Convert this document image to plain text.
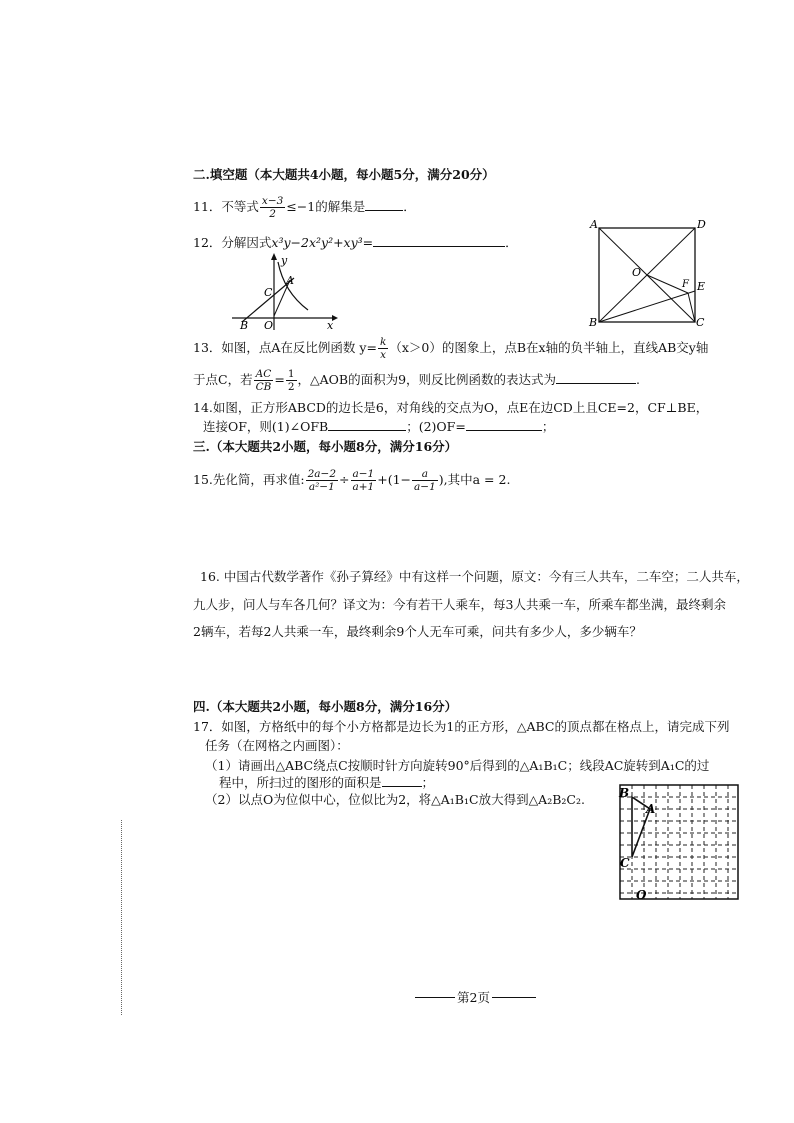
二.填空题（本大题共4小题，每小题5分，满分20分）
11．不等式 $\frac{x-3}{2} \le-1$的解集是	．
12．分解因式x³y−2x²y²+xy³=	．
y
x
A
B
C
O
A	D
B	C
O
F E
13．如图，点A在反比例函数 $y= \frac{k}{x} (x>0)$的图象上，点B在x轴的负半轴上，直线AB交y轴
于点C，若 $\frac{AC}{CB} = \frac{1}{2}$ ，△AOB的面积为9，则反比例函数的表达式为	.
14.如图，正方形ABCD的边长是6，对角线的交点为O，点E在边CD上且CE=2，CF⊥BE，
连接OF，则(1)∠OFB	；(2)OF=	；
三.（本大题共2小题，每小题8分，满分16分）
15.先化简，再求值: $\frac{2a-2}{\text{a²−1}} \div \frac{a-1}{a+1} +(1- \frac{a}{a-1}$ ),其中a = 2.
16. 中国古代数学著作《孙子算经》中有这样一个问题，原文：今有三人共车，二车空；二人共车，
九人步，问人与车各几何？译文为：今有若干人乘车，每3人共乘一车，所乘车都坐满，最终剩余
2辆车，若每2人共乘一车，最终剩余9个人无车可乘，问共有多少人，多少辆车？
四.（本大题共2小题，每小题8分，满分16分）
17．如图，方格纸中的每个小方格都是边长为1的正方形，△ABC的顶点都在格点上，请完成下列
任务（在网格之内画图）：
（1）请画出△ABC绕点C按顺时针方向旋转90°后得到的△A₁B₁C；线段AC旋转到A₁C的过
程中，所扫过的图形的面积是	；
（2）以点O为位似中心，位似比为2，将△A₁B₁C放大得到△A₂B₂C₂.	B
A
C
O
第2页
